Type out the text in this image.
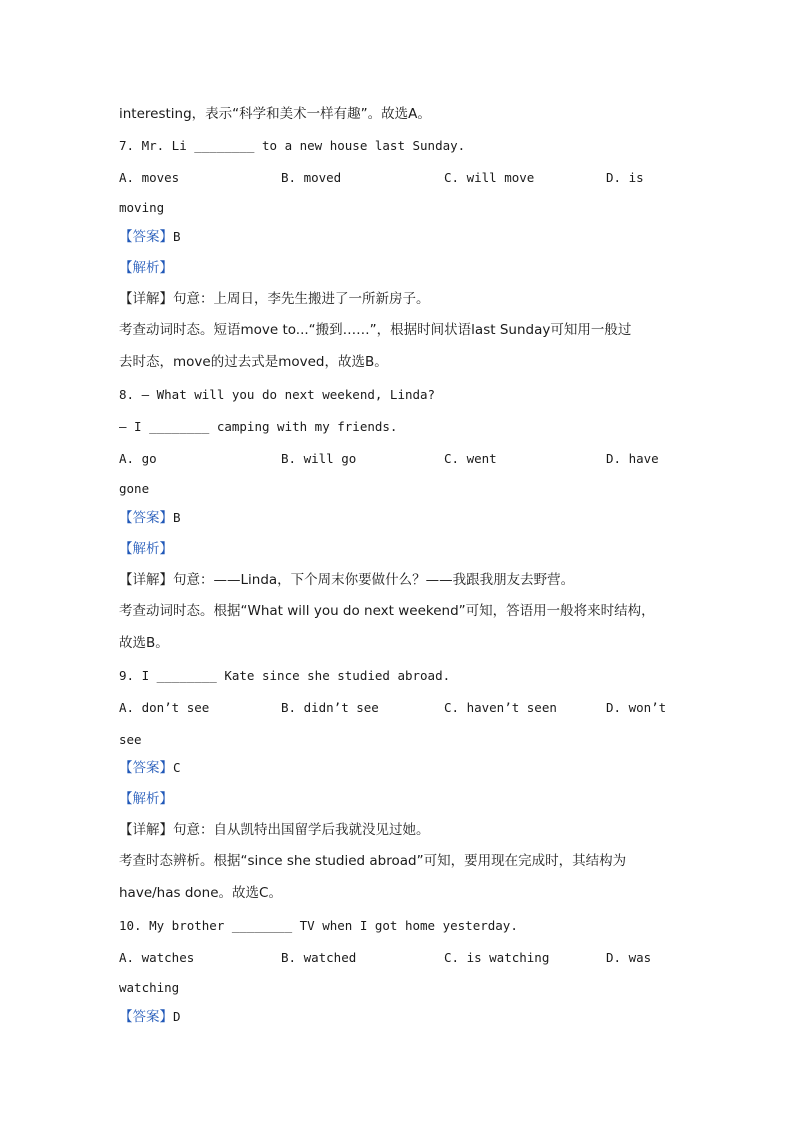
interesting，表示“科学和美术一样有趣”。故选A。
7. Mr. Li ________ to a new house last Sunday.
A. moves	B. moved	C. will move	D. is
moving
【答案】B
【解析】
【详解】句意：上周日，李先生搬进了一所新房子。
考查动词时态。短语move to...“搬到……”，根据时间状语last Sunday可知用一般过
去时态，move的过去式是moved，故选B。
8. — What will you do next weekend, Linda?
— I ________ camping with my friends.
A. go	B. will go	C. went	D. have
gone
【答案】B
【解析】
【详解】句意：——Linda，下个周末你要做什么？——我跟我朋友去野营。
考查动词时态。根据“What will you do next weekend”可知，答语用一般将来时结构，
故选B。
9. I ________ Kate since she studied abroad.
A. don’t see	B. didn’t see	C. haven’t seen	D. won’t
see
【答案】C
【解析】
【详解】句意：自从凯特出国留学后我就没见过她。
考查时态辨析。根据“since she studied abroad”可知，要用现在完成时，其结构为
have/has done。故选C。
10. My brother ________ TV when I got home yesterday.
A. watches	B. watched	C. is watching	D. was
watching
【答案】D
